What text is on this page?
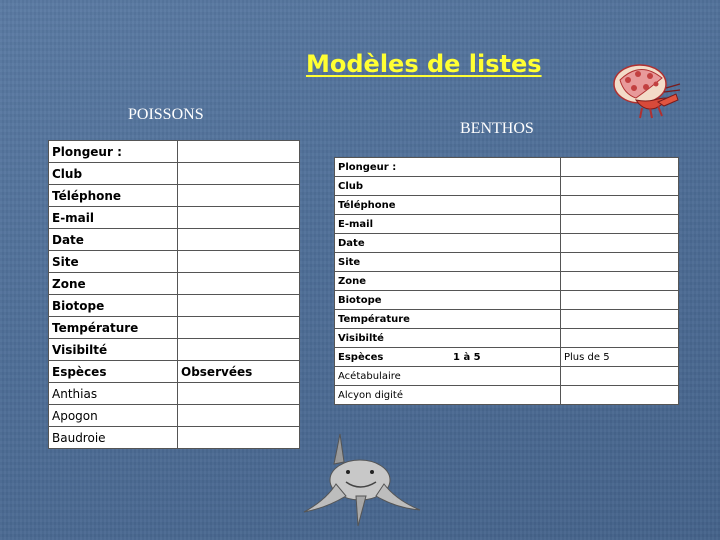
Modèles de listes
POISSONS
BENTHOS
Plongeur :	
Club	
Téléphone	
E-mail	
Date	
Site	
Zone	
Biotope	
Température	
Visibilté	
Espèces	Observées
Anthias	
Apogon	
Baudroie	
Plongeur :	
Club	
Téléphone	
E-mail	
Date	
Site	
Zone	
Biotope	
Température	
Visibilté	
Espèces 1 à 5	Plus de 5
Acétabulaire	
Alcyon digité	
